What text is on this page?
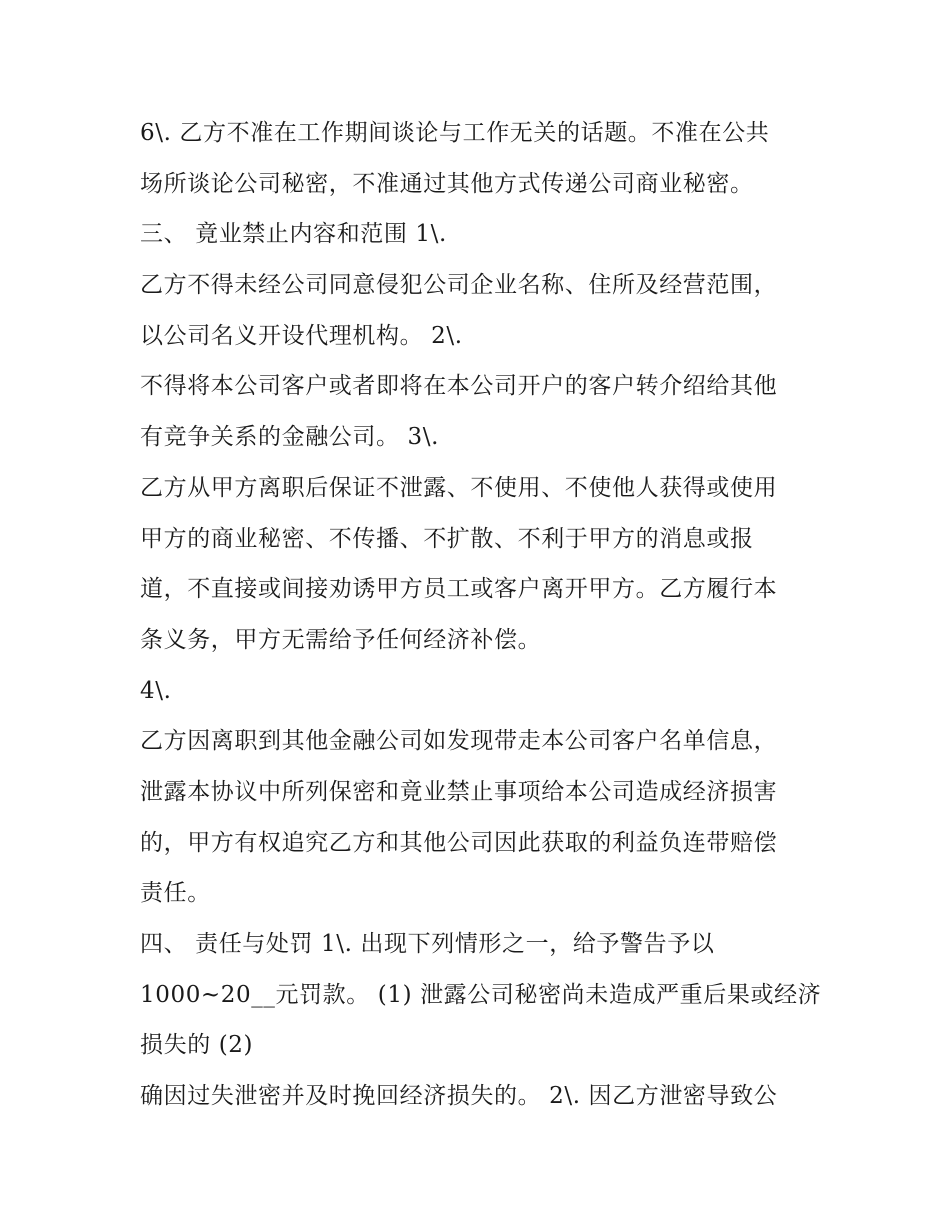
6\. 乙方不准在工作期间谈论与工作无关的话题。不准在公共
场所谈论公司秘密，不准通过其他方式传递公司商业秘密。
三、 竟业禁止内容和范围 1\.
乙方不得未经公司同意侵犯公司企业名称、住所及经营范围，
以公司名义开设代理机构。 2\.
不得将本公司客户或者即将在本公司开户的客户转介绍给其他
有竞争关系的金融公司。 3\.
乙方从甲方离职后保证不泄露、不使用、不使他人获得或使用
甲方的商业秘密、不传播、不扩散、不利于甲方的消息或报
道，不直接或间接劝诱甲方员工或客户离开甲方。乙方履行本
条义务，甲方无需给予任何经济补偿。
4\.
乙方因离职到其他金融公司如发现带走本公司客户名单信息，
泄露本协议中所列保密和竟业禁止事项给本公司造成经济损害
的，甲方有权追究乙方和其他公司因此获取的利益负连带赔偿
责任。
四、 责任与处罚 1\. 出现下列情形之一，给予警告予以
1000~20__元罚款。 (1) 泄露公司秘密尚未造成严重后果或经济
损失的 (2)
确因过失泄密并及时挽回经济损失的。 2\. 因乙方泄密导致公
